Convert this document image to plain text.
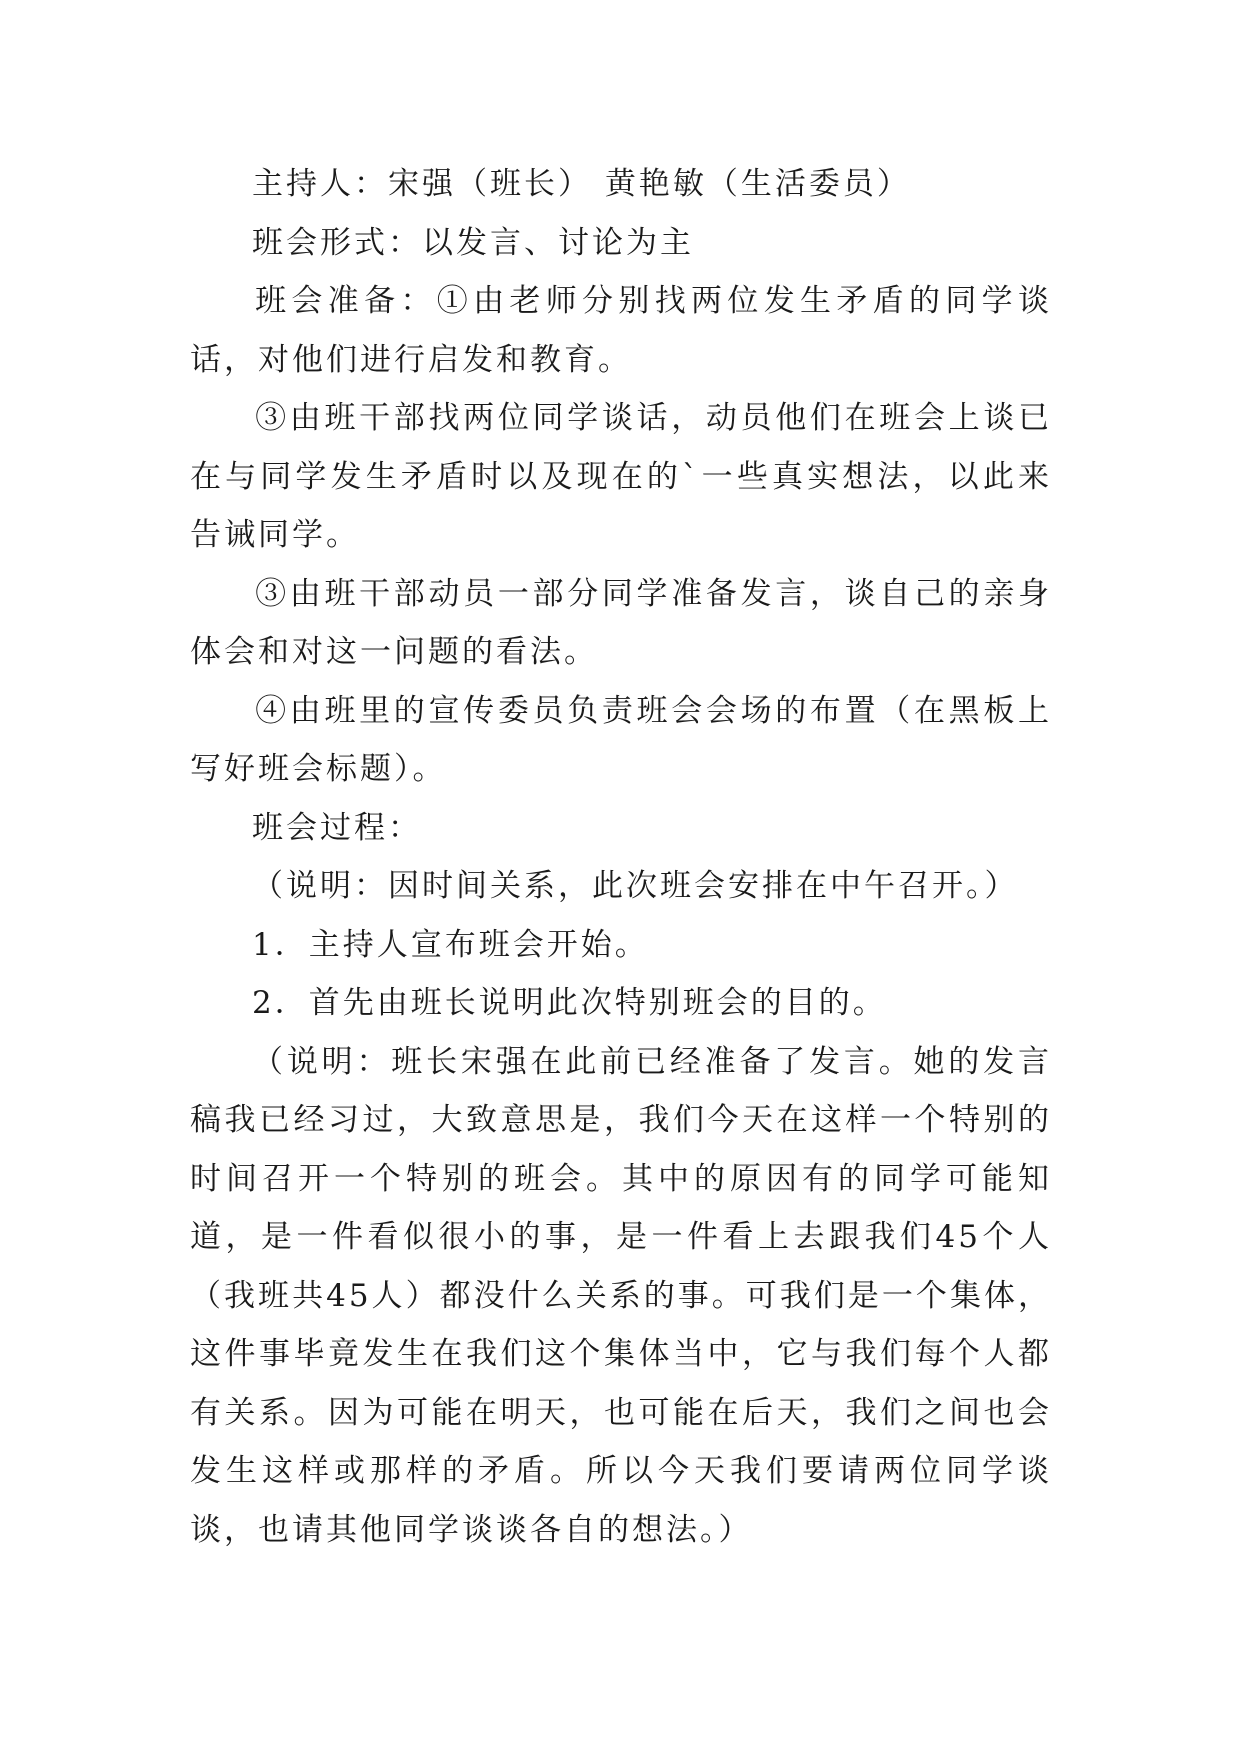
主持人：宋强（班长） 黄艳敏（生活委员）

班会形式：以发言、讨论为主

班会准备：①由老师分别找两位发生矛盾的同学谈话，对他们进行启发和教育。

③由班干部找两位同学谈话，动员他们在班会上谈已在与同学发生矛盾时以及现在的`一些真实想法，以此来告诫同学。

③由班干部动员一部分同学准备发言，谈自己的亲身体会和对这一问题的看法。

④由班里的宣传委员负责班会会场的布置（在黑板上写好班会标题）。

班会过程：

（说明：因时间关系，此次班会安排在中午召开。）

1．主持人宣布班会开始。

2．首先由班长说明此次特别班会的目的。

（说明：班长宋强在此前已经准备了发言。她的发言稿我已经习过，大致意思是，我们今天在这样一个特别的时间召开一个特别的班会。其中的原因有的同学可能知道，是一件看似很小的事，是一件看上去跟我们45个人（我班共45人）都没什么关系的事。可我们是一个集体，这件事毕竟发生在我们这个集体当中，它与我们每个人都有关系。因为可能在明天，也可能在后天，我们之间也会发生这样或那样的矛盾。所以今天我们要请两位同学谈谈，也请其他同学谈谈各自的想法。）
